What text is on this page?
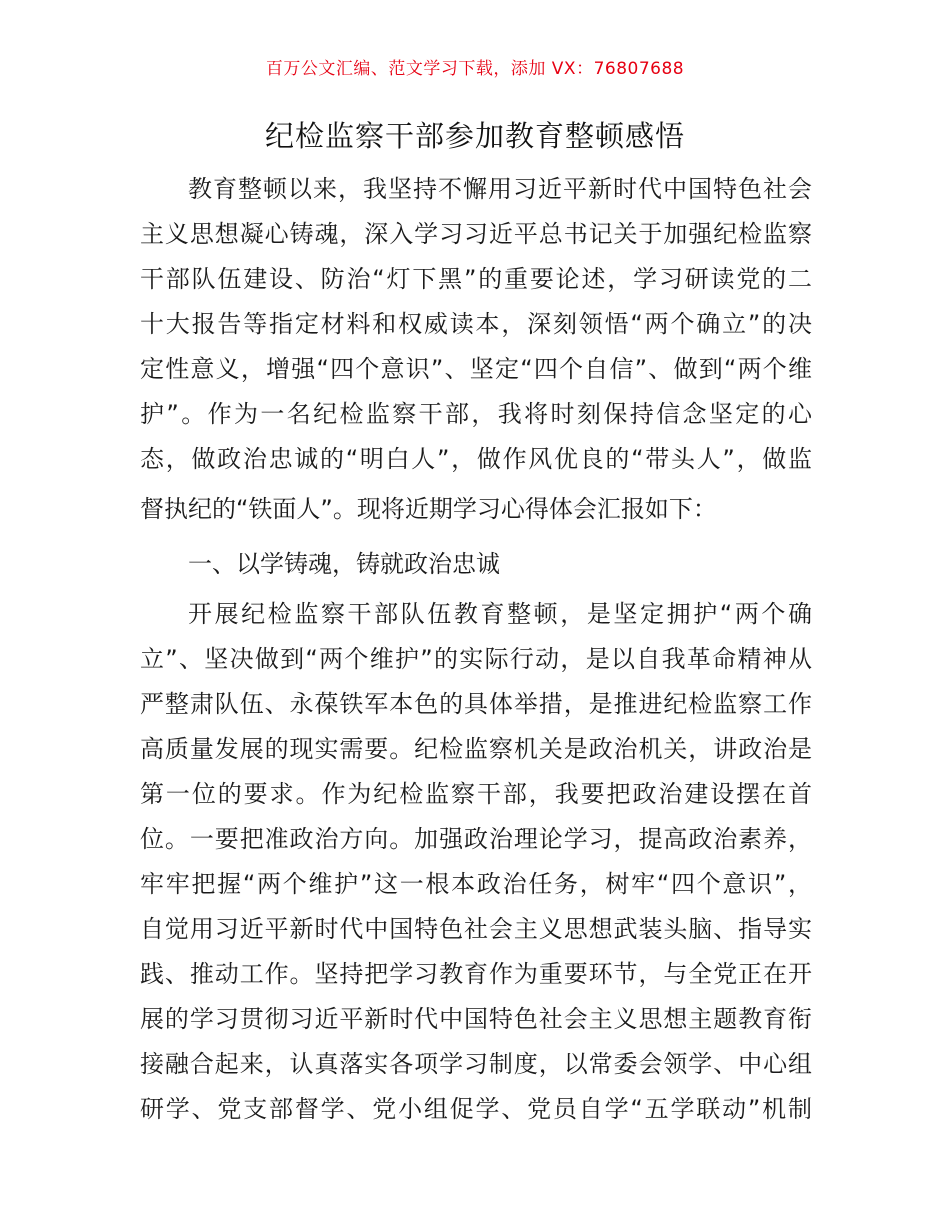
百万公文汇编、范文学习下载，添加 VX：76807688
纪检监察干部参加教育整顿感悟
教育整顿以来，我坚持不懈用习近平新时代中国特色社会
主义思想凝心铸魂，深入学习习近平总书记关于加强纪检监察
干部队伍建设、防治“灯下黑”的重要论述，学习研读党的二
十大报告等指定材料和权威读本，深刻领悟“两个确立”的决
定性意义，增强“四个意识”、坚定“四个自信”、做到“两个维
护”。作为一名纪检监察干部，我将时刻保持信念坚定的心
态，做政治忠诚的“明白人”，做作风优良的“带头人”，做监
督执纪的“铁面人”。现将近期学习心得体会汇报如下：
一、以学铸魂，铸就政治忠诚
开展纪检监察干部队伍教育整顿，是坚定拥护“两个确
立”、坚决做到“两个维护”的实际行动，是以自我革命精神从
严整肃队伍、永葆铁军本色的具体举措，是推进纪检监察工作
高质量发展的现实需要。纪检监察机关是政治机关，讲政治是
第一位的要求。作为纪检监察干部，我要把政治建设摆在首
位。一要把准政治方向。加强政治理论学习，提高政治素养，
牢牢把握“两个维护”这一根本政治任务，树牢“四个意识”，
自觉用习近平新时代中国特色社会主义思想武装头脑、指导实
践、推动工作。坚持把学习教育作为重要环节，与全党正在开
展的学习贯彻习近平新时代中国特色社会主义思想主题教育衔
接融合起来，认真落实各项学习制度，以常委会领学、中心组
研学、党支部督学、党小组促学、党员自学“五学联动”机制
